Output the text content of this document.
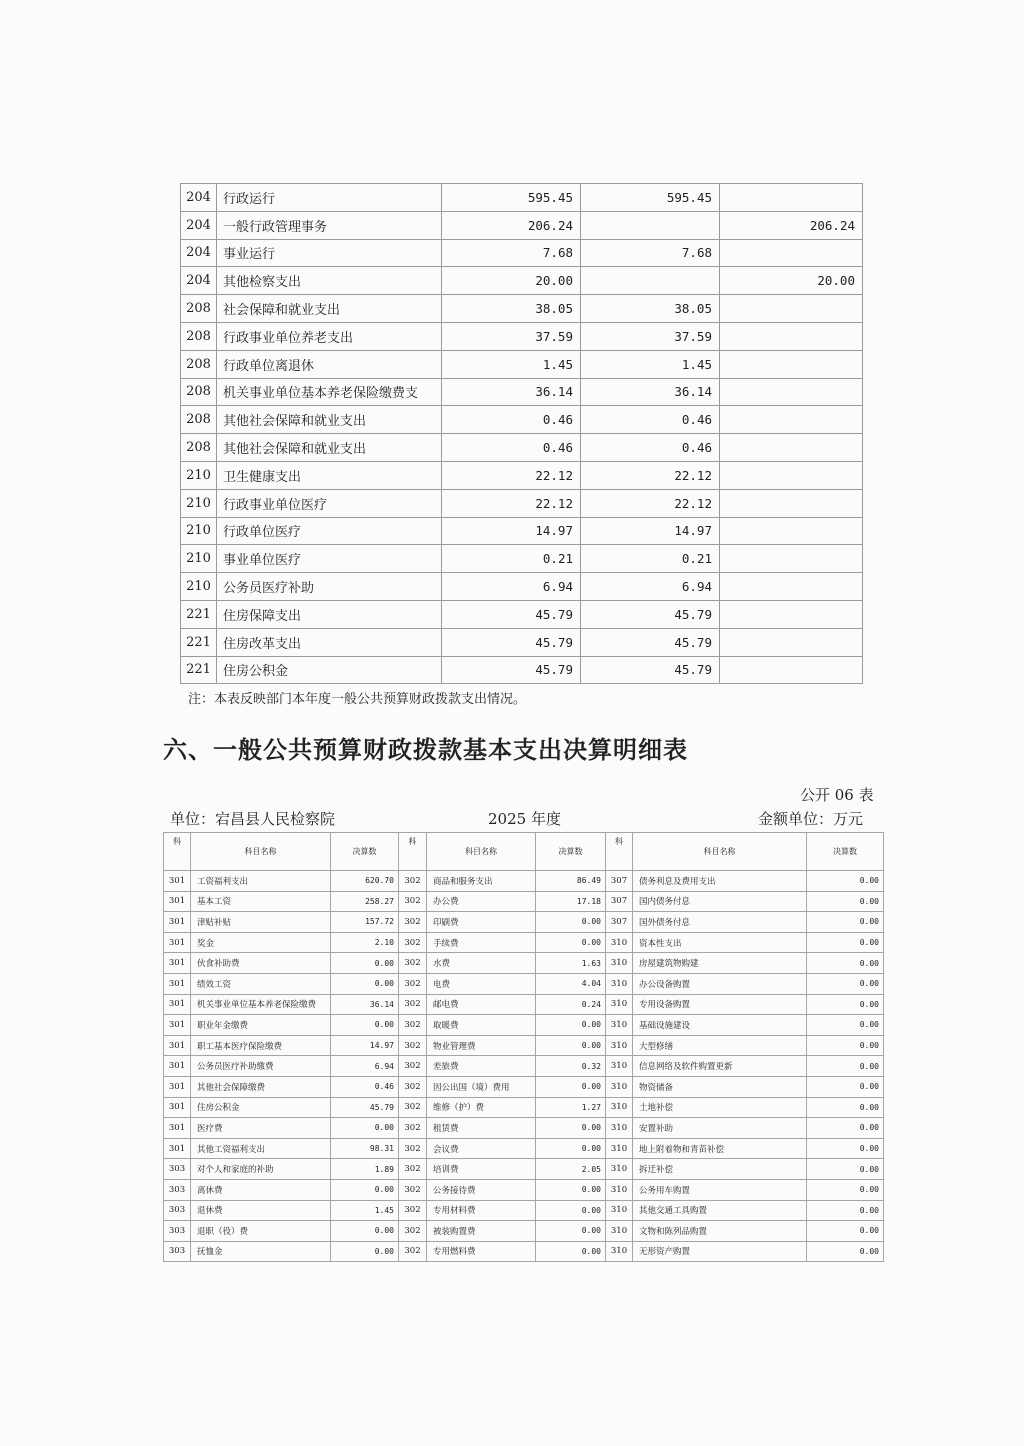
204	行政运行	595.45	595.45	
204	一般行政管理事务	206.24		206.24
204	事业运行	7.68	7.68	
204	其他检察支出	20.00		20.00
208	社会保障和就业支出	38.05	38.05	
208	行政事业单位养老支出	37.59	37.59	
208	行政单位离退休	1.45	1.45	
208	机关事业单位基本养老保险缴费支	36.14	36.14	
208	其他社会保障和就业支出	0.46	0.46	
208	其他社会保障和就业支出	0.46	0.46	
210	卫生健康支出	22.12	22.12	
210	行政事业单位医疗	22.12	22.12	
210	行政单位医疗	14.97	14.97	
210	事业单位医疗	0.21	0.21	
210	公务员医疗补助	6.94	6.94	
221	住房保障支出	45.79	45.79	
221	住房改革支出	45.79	45.79	
221	住房公积金	45.79	45.79	
注：本表反映部门本年度一般公共预算财政拨款支出情况。
六、一般公共预算财政拨款基本支出决算明细表
公开 06 表
单位：宕昌县人民检察院	2025 年度	金额单位：万元
科	科目名称	决算数	科	科目名称	决算数	科	科目名称	决算数
301	工资福利支出	620.70	302	商品和服务支出	86.49	307	债务利息及费用支出	0.00
301	基本工资	258.27	302	办公费	17.18	307	国内债务付息	0.00
301	津贴补贴	157.72	302	印刷费	0.00	307	国外债务付息	0.00
301	奖金	2.10	302	手续费	0.00	310	资本性支出	0.00
301	伙食补助费	0.00	302	水费	1.63	310	房屋建筑物购建	0.00
301	绩效工资	0.00	302	电费	4.04	310	办公设备购置	0.00
301	机关事业单位基本养老保险缴费	36.14	302	邮电费	0.24	310	专用设备购置	0.00
301	职业年金缴费	0.00	302	取暖费	0.00	310	基础设施建设	0.00
301	职工基本医疗保险缴费	14.97	302	物业管理费	0.00	310	大型修缮	0.00
301	公务员医疗补助缴费	6.94	302	差旅费	0.32	310	信息网络及软件购置更新	0.00
301	其他社会保障缴费	0.46	302	因公出国（境）费用	0.00	310	物资储备	0.00
301	住房公积金	45.79	302	维修（护）费	1.27	310	土地补偿	0.00
301	医疗费	0.00	302	租赁费	0.00	310	安置补助	0.00
301	其他工资福利支出	98.31	302	会议费	0.00	310	地上附着物和青苗补偿	0.00
303	对个人和家庭的补助	1.89	302	培训费	2.05	310	拆迁补偿	0.00
303	离休费	0.00	302	公务接待费	0.00	310	公务用车购置	0.00
303	退休费	1.45	302	专用材料费	0.00	310	其他交通工具购置	0.00
303	退职（役）费	0.00	302	被装购置费	0.00	310	文物和陈列品购置	0.00
303	抚恤金	0.00	302	专用燃料费	0.00	310	无形资产购置	0.00
